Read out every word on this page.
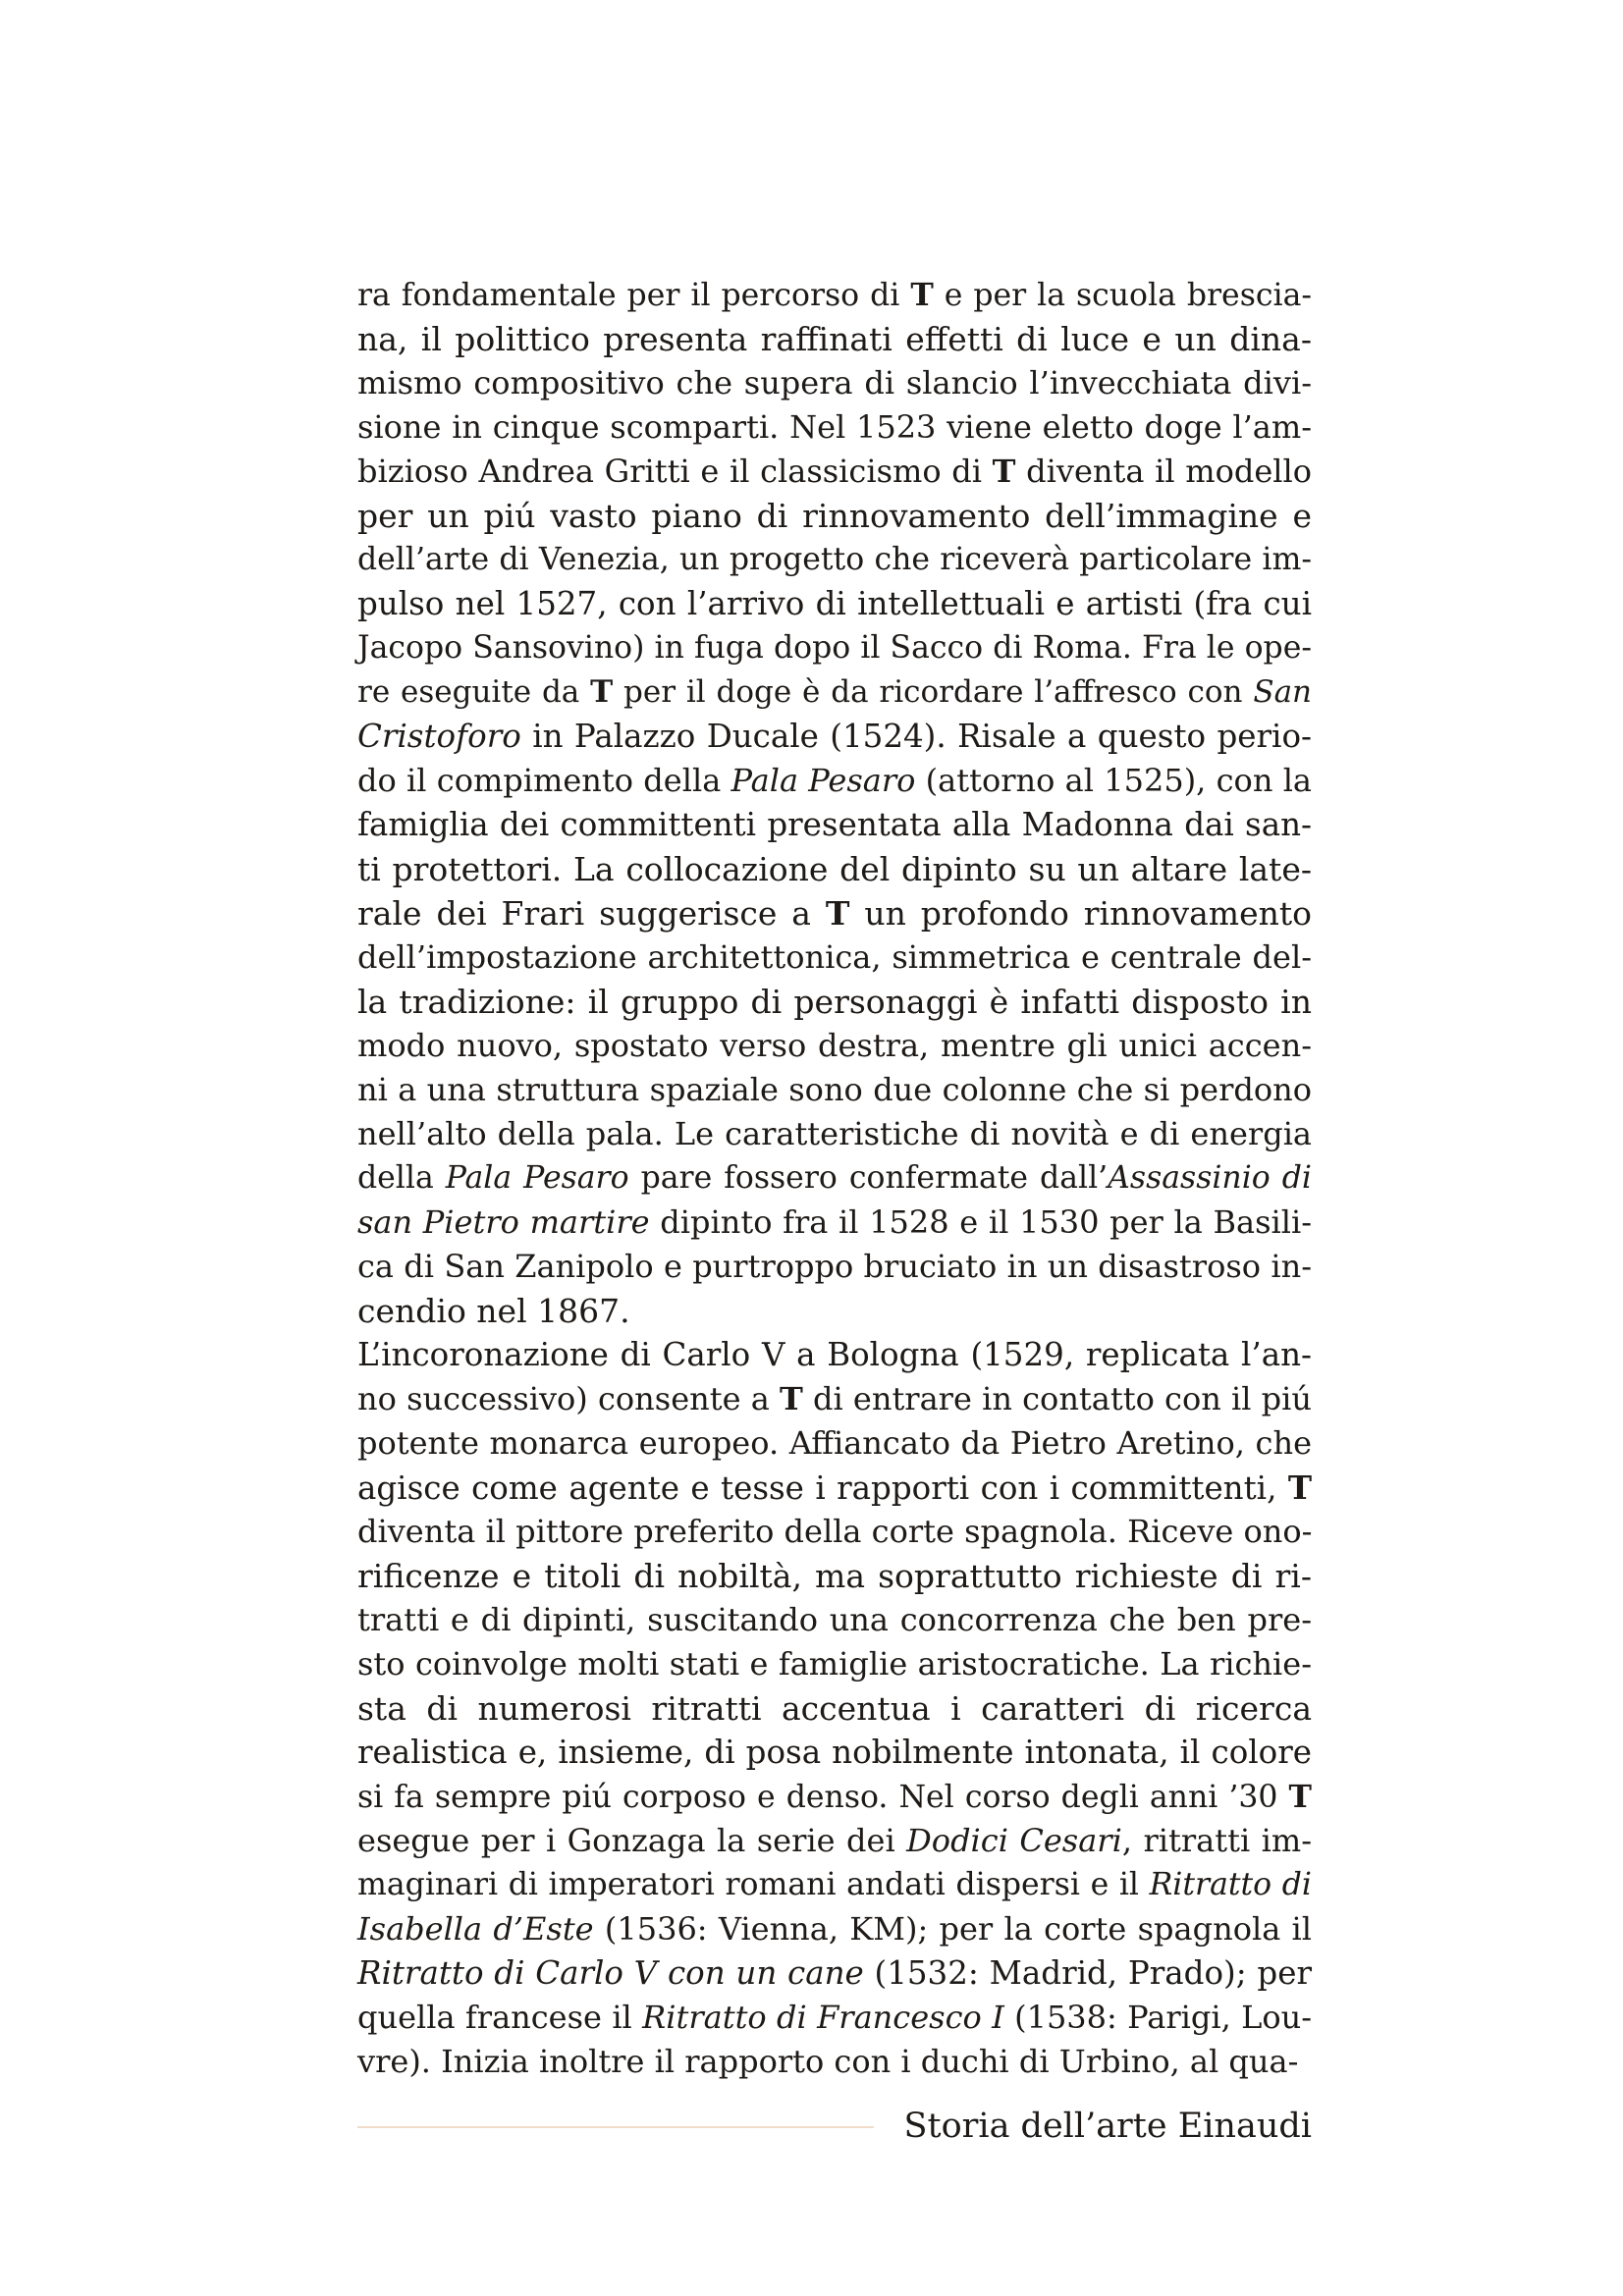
ra fondamentale per il percorso di T e per la scuola brescia-
na, il polittico presenta raffinati effetti di luce e un dina-
mismo compositivo che supera di slancio l’invecchiata divi-
sione in cinque scomparti. Nel 1523 viene eletto doge l’am-
bizioso Andrea Gritti e il classicismo di T diventa il modello
per un piú vasto piano di rinnovamento dell’immagine e
dell’arte di Venezia, un progetto che riceverà particolare im-
pulso nel 1527, con l’arrivo di intellettuali e artisti (fra cui
Jacopo Sansovino) in fuga dopo il Sacco di Roma. Fra le ope-
re eseguite da T per il doge è da ricordare l’affresco con San
Cristoforo in Palazzo Ducale (1524). Risale a questo perio-
do il compimento della Pala Pesaro (attorno al 1525), con la
famiglia dei committenti presentata alla Madonna dai san-
ti protettori. La collocazione del dipinto su un altare late-
rale dei Frari suggerisce a T un profondo rinnovamento
dell’impostazione architettonica, simmetrica e centrale del-
la tradizione: il gruppo di personaggi è infatti disposto in
modo nuovo, spostato verso destra, mentre gli unici accen-
ni a una struttura spaziale sono due colonne che si perdono
nell’alto della pala. Le caratteristiche di novità e di energia
della Pala Pesaro pare fossero confermate dall’Assassinio di
san Pietro martire dipinto fra il 1528 e il 1530 per la Basili-
ca di San Zanipolo e purtroppo bruciato in un disastroso in-
cendio nel 1867.
L’incoronazione di Carlo V a Bologna (1529, replicata l’an-
no successivo) consente a T di entrare in contatto con il piú
potente monarca europeo. Affiancato da Pietro Aretino, che
agisce come agente e tesse i rapporti con i committenti, T
diventa il pittore preferito della corte spagnola. Riceve ono-
rificenze e titoli di nobiltà, ma soprattutto richieste di ri-
tratti e di dipinti, suscitando una concorrenza che ben pre-
sto coinvolge molti stati e famiglie aristocratiche. La richie-
sta di numerosi ritratti accentua i caratteri di ricerca
realistica e, insieme, di posa nobilmente intonata, il colore
si fa sempre piú corposo e denso. Nel corso degli anni ’30 T
esegue per i Gonzaga la serie dei Dodici Cesari, ritratti im-
maginari di imperatori romani andati dispersi e il Ritratto di
Isabella d’Este (1536: Vienna, KM); per la corte spagnola il
Ritratto di Carlo V con un cane (1532: Madrid, Prado); per
quella francese il Ritratto di Francesco I (1538: Parigi, Lou-
vre). Inizia inoltre il rapporto con i duchi di Urbino, al qua-
Storia dell’arte Einaudi
